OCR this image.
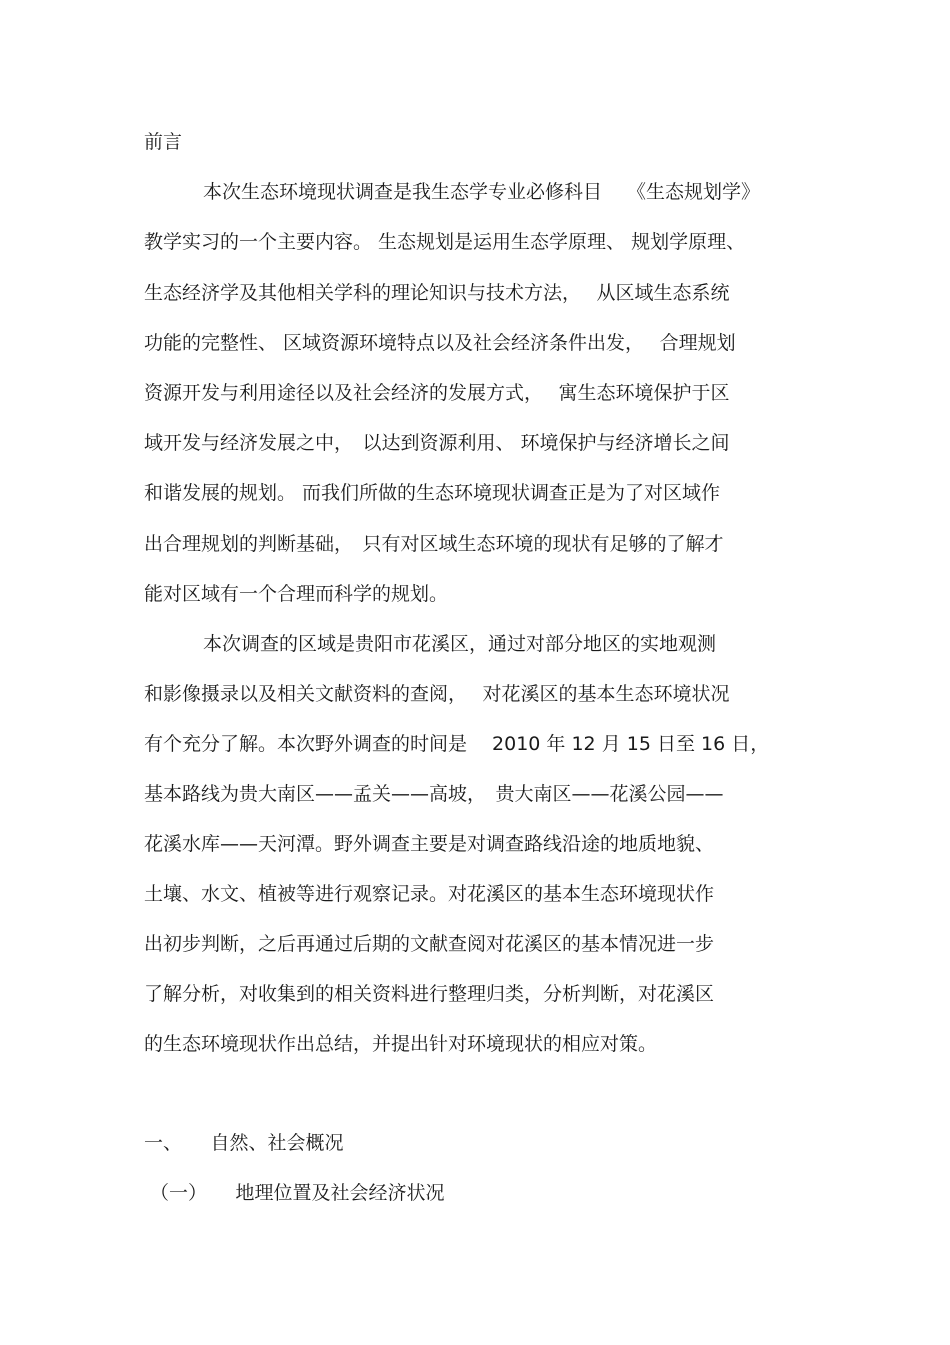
前言
本次生态环境现状调查是我生态学专业必修科目　 《生态规划学》
教学实习的一个主要内容。 生态规划是运用生态学原理、 规划学原理、
生态经济学及其他相关学科的理论知识与技术方法，　 从区域生态系统
功能的完整性、 区域资源环境特点以及社会经济条件出发，　 合理规划
资源开发与利用途径以及社会经济的发展方式，　 寓生态环境保护于区
域开发与经济发展之中，　以达到资源利用、 环境保护与经济增长之间
和谐发展的规划。 而我们所做的生态环境现状调查正是为了对区域作
出合理规划的判断基础，　只有对区域生态环境的现状有足够的了解才
能对区域有一个合理而科学的规划。
本次调查的区域是贵阳市花溪区，通过对部分地区的实地观测
和影像摄录以及相关文献资料的查阅，　 对花溪区的基本生态环境状况
有个充分了解。本次野外调查的时间是　 2010 年 12 月 15 日至 16 日，
基本路线为贵大南区——孟关——高坡，　贵大南区——花溪公园——
花溪水库——天河潭。野外调查主要是对调查路线沿途的地质地貌、
土壤、水文、植被等进行观察记录。对花溪区的基本生态环境现状作
出初步判断，之后再通过后期的文献查阅对花溪区的基本情况进一步
了解分析，对收集到的相关资料进行整理归类，分析判断，对花溪区
的生态环境现状作出总结，并提出针对环境现状的相应对策。
一、　　自然、社会概况
（一）　　地理位置及社会经济状况
